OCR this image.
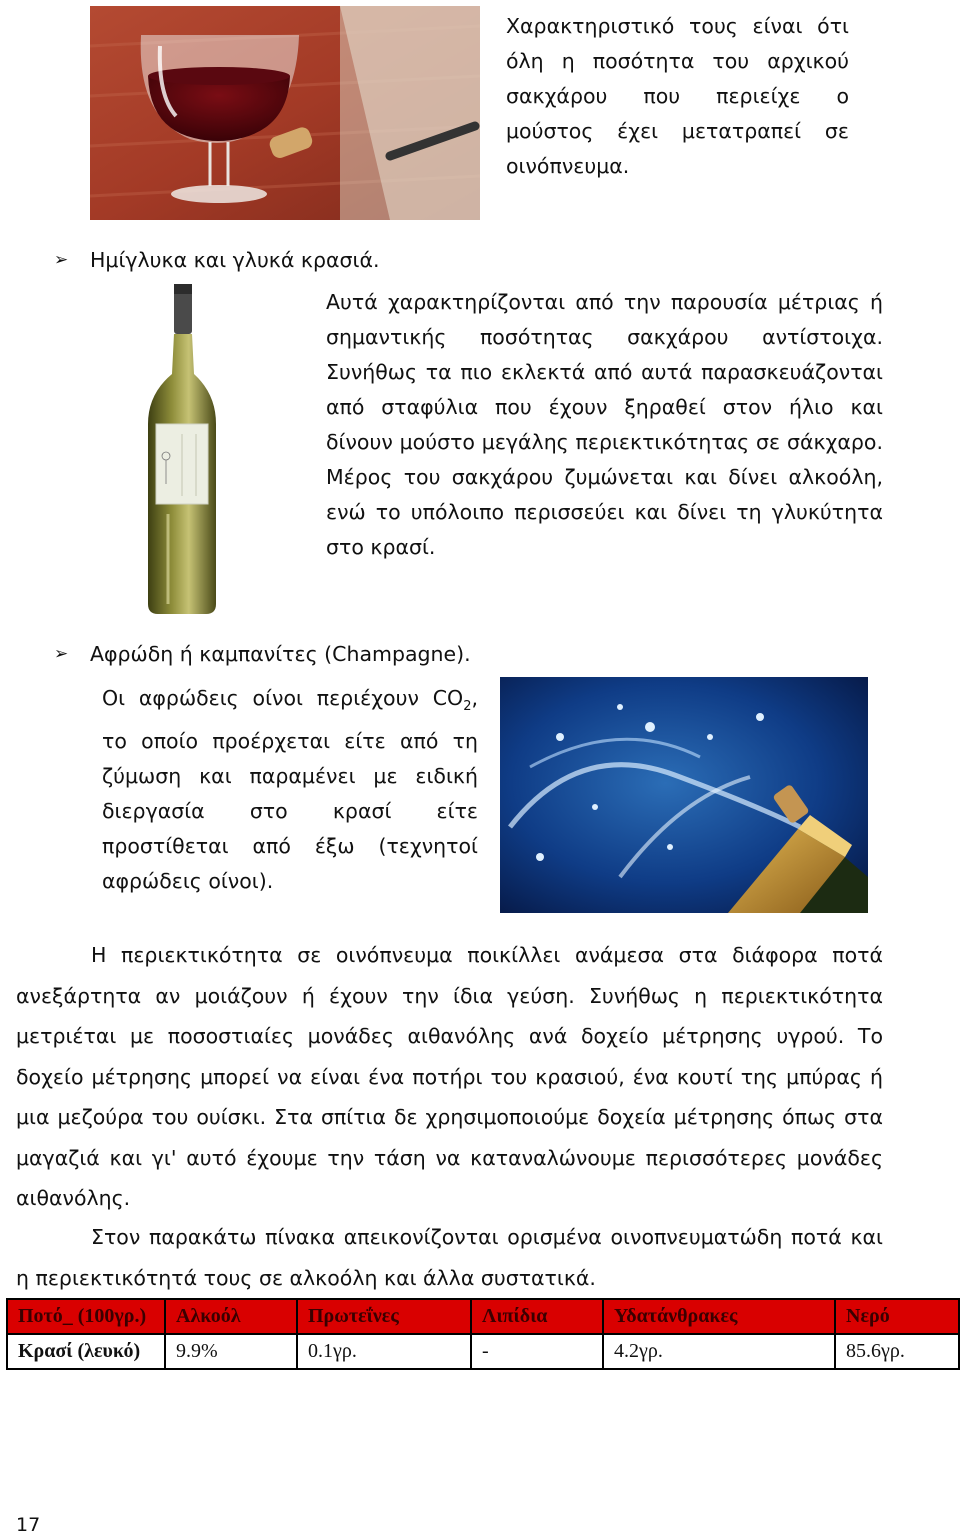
Χαρακτηριστικό τους είναι ότι όλη η ποσότητα του αρχικού σακχάρου που περιείχε ο μούστος έχει μετατραπεί σε οινόπνευμα.
➢	Ημίγλυκα και γλυκά κρασιά.
Αυτά χαρακτηρίζονται από την παρουσία μέτριας ή σημαντικής ποσότητας σακχάρου αντίστοιχα. Συνήθως τα πιο εκλεκτά από αυτά παρασκευάζονται από σταφύλια που έχουν ξηραθεί στον ήλιο και δίνουν μούστο μεγάλης περιεκτικότητας σε σάκχαρο. Μέρος του σακχάρου ζυμώνεται και δίνει αλκοόλη, ενώ το υπόλοιπο περισσεύει και δίνει τη γλυκύτητα στο κρασί.
➢	Αφρώδη ή καμπανίτες (Champagne).
Οι αφρώδεις οίνοι περιέχουν $CO_2$, το οποίο προέρχεται είτε από τη ζύμωση και παραμένει με ειδική διεργασία στο κρασί είτε προστίθεται από έξω (τεχνητοί αφρώδεις οίνοι).
Η περιεκτικότητα σε οινόπνευμα ποικίλλει ανάμεσα στα διάφορα ποτά ανεξάρτητα αν μοιάζουν ή έχουν την ίδια γεύση. Συνήθως η περιεκτικότητα μετριέται με ποσοστιαίες μονάδες αιθανόλης ανά δοχείο μέτρησης υγρού. Το δοχείο μέτρησης μπορεί να είναι ένα ποτήρι του κρασιού, ένα κουτί της μπύρας ή μια μεζούρα του ουίσκι. Στα σπίτια δε χρησιμοποιούμε δοχεία μέτρησης όπως στα μαγαζιά και γι' αυτό έχουμε την τάση να καταναλώνουμε περισσότερες μονάδες αιθανόλης.
Στον παρακάτω πίνακα απεικονίζονται ορισμένα οινοπνευματώδη ποτά και η περιεκτικότητά τους σε αλκοόλη και άλλα συστατικά.
Ποτό_ (100γρ.)	Αλκοόλ	Πρωτεΐνες	Λιπίδια	Υδατάνθρακες	Νερό
Κρασί (λευκό)	9.9%	0.1γρ.	-	4.2γρ.	85.6γρ.
17
